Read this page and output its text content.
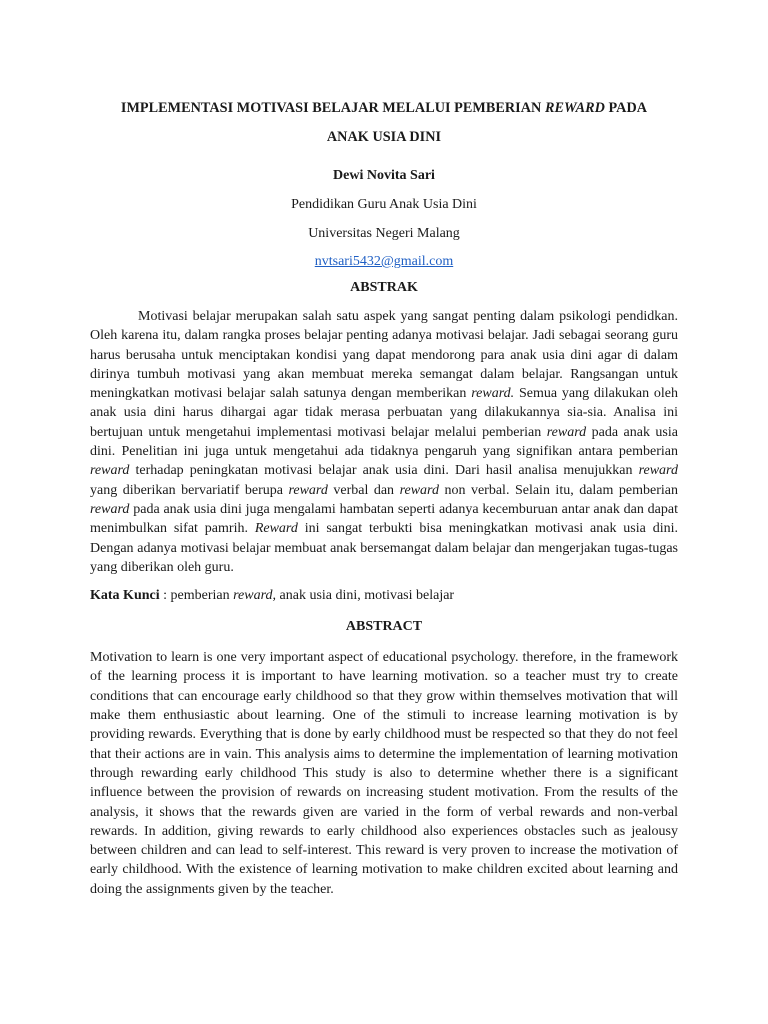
IMPLEMENTASI MOTIVASI BELAJAR MELALUI PEMBERIAN REWARD PADA
ANAK USIA DINI

Dewi Novita Sari

Pendidikan Guru Anak Usia Dini

Universitas Negeri Malang

nvtsari5432@gmail.com

ABSTRAK

Motivasi belajar merupakan salah satu aspek yang sangat penting dalam psikologi pendidkan. Oleh karena itu, dalam rangka proses belajar penting adanya motivasi belajar. Jadi sebagai seorang guru harus berusaha untuk menciptakan kondisi yang dapat mendorong para anak usia dini agar di dalam dirinya tumbuh motivasi yang akan membuat mereka semangat dalam belajar. Rangsangan untuk meningkatkan motivasi belajar salah satunya dengan memberikan reward. Semua yang dilakukan oleh anak usia dini harus dihargai agar tidak merasa perbuatan yang dilakukannya sia-sia. Analisa ini bertujuan untuk mengetahui implementasi motivasi belajar melalui pemberian reward pada anak usia dini. Penelitian ini juga untuk mengetahui ada tidaknya pengaruh yang signifikan antara pemberian reward terhadap peningkatan motivasi belajar anak usia dini. Dari hasil analisa menujukkan reward yang diberikan bervariatif berupa reward verbal dan reward non verbal. Selain itu, dalam pemberian reward pada anak usia dini juga mengalami hambatan seperti adanya kecemburuan antar anak dan dapat menimbulkan sifat pamrih. Reward ini sangat terbukti bisa meningkatkan motivasi anak usia dini. Dengan adanya motivasi belajar membuat anak bersemangat dalam belajar dan mengerjakan tugas-tugas yang diberikan oleh guru.

Kata Kunci : pemberian reward, anak usia dini, motivasi belajar

ABSTRACT

Motivation to learn is one very important aspect of educational psychology. therefore, in the framework of the learning process it is important to have learning motivation. so a teacher must try to create conditions that can encourage early childhood so that they grow within themselves motivation that will make them enthusiastic about learning. One of the stimuli to increase learning motivation is by providing rewards. Everything that is done by early childhood must be respected so that they do not feel that their actions are in vain. This analysis aims to determine the implementation of learning motivation through rewarding early childhood This study is also to determine whether there is a significant influence between the provision of rewards on increasing student motivation. From the results of the analysis, it shows that the rewards given are varied in the form of verbal rewards and non-verbal rewards. In addition, giving rewards to early childhood also experiences obstacles such as jealousy between children and can lead to self-interest. This reward is very proven to increase the motivation of early childhood. With the existence of learning motivation to make children excited about learning and doing the assignments given by the teacher.
